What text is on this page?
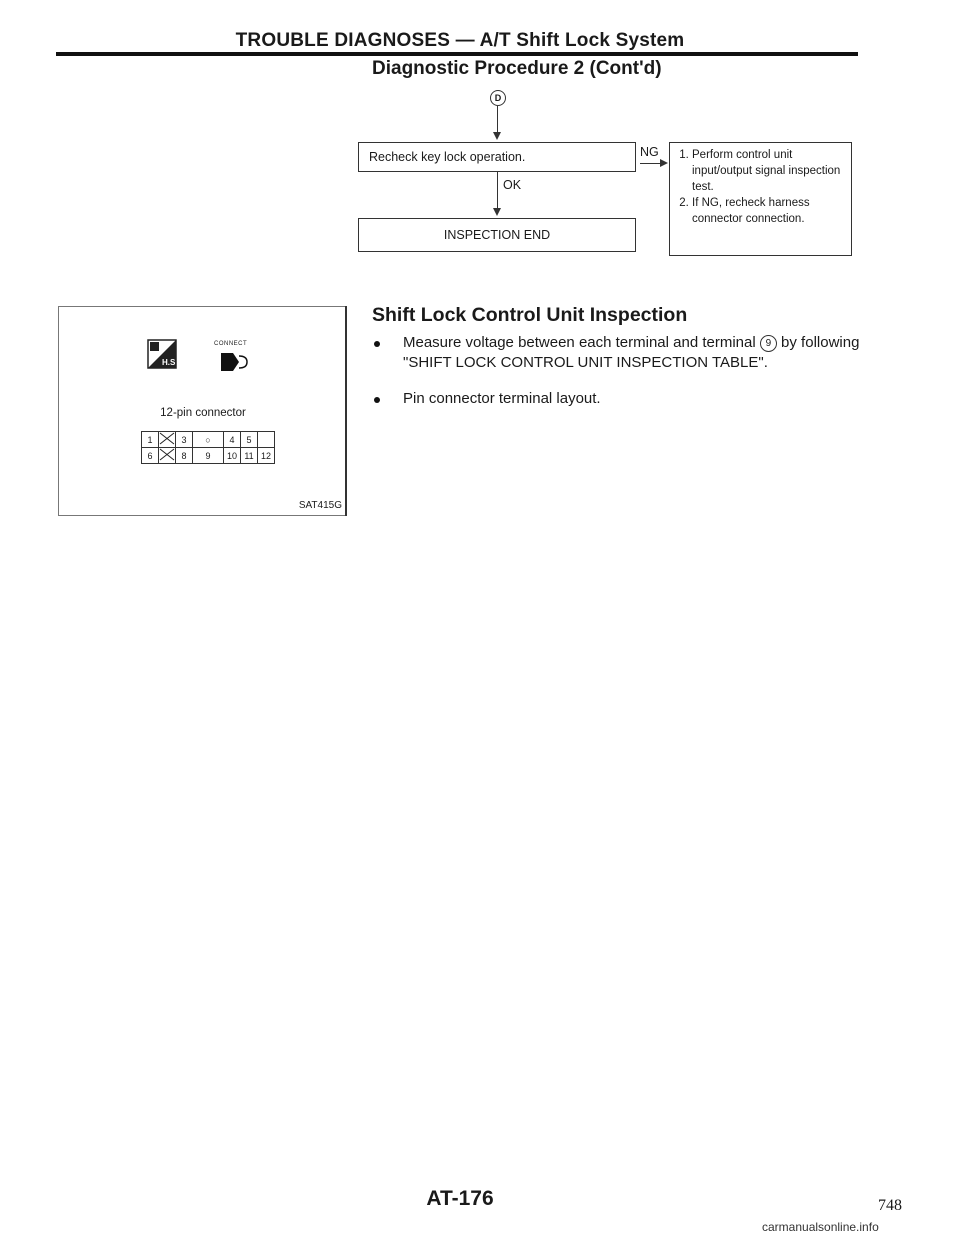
TROUBLE DIAGNOSES — A/T Shift Lock System
Diagnostic Procedure 2 (Cont'd)
D
Recheck key lock operation.
OK
INSPECTION END
NG	1. Perform control unit input/output signal inspection test.
2. If NG, recheck harness connector connection.
H.S
CONNECT
12-pin connector
1		3	○	4	5	
6		8	9	10	11	12
SAT415G
Shift Lock Control Unit Inspection
Measure voltage between each terminal and terminal 9 by following "SHIFT LOCK CONTROL UNIT INSPECTION TABLE".
Pin connector terminal layout.
AT-176	748
carmanualsonline.info
